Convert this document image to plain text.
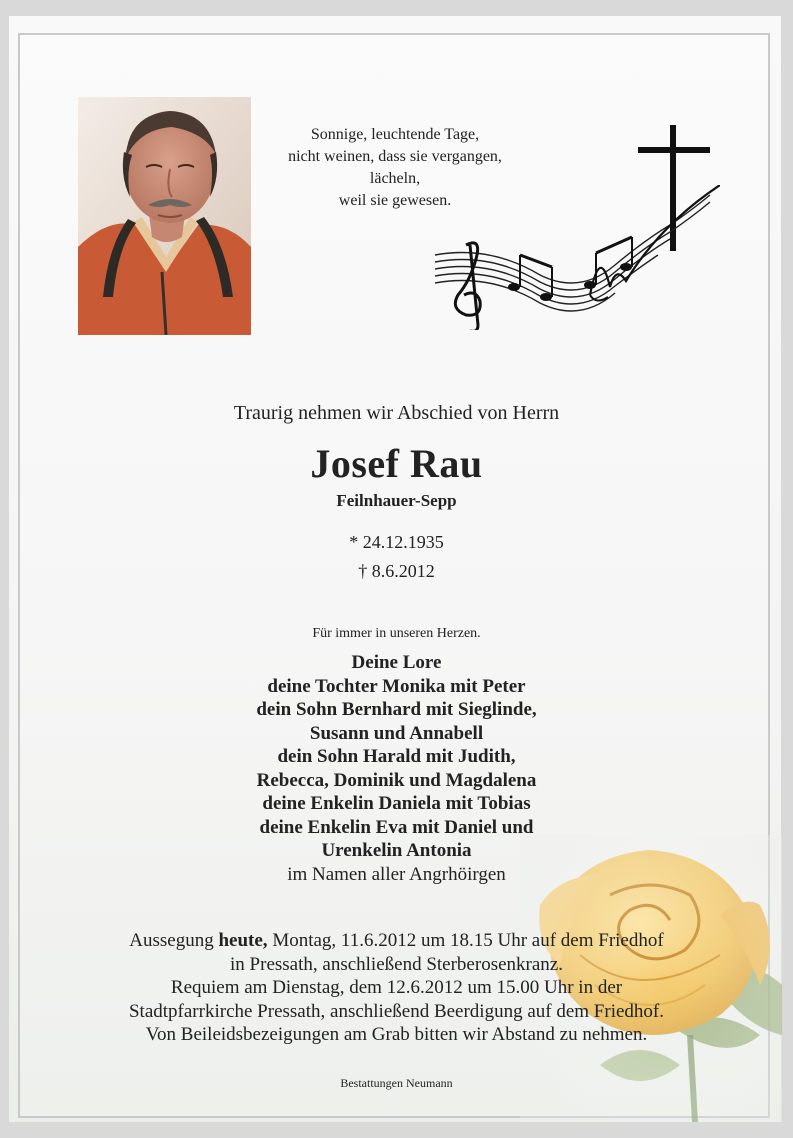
Sonnige, leuchtende Tage,
nicht weinen, dass sie vergangen,
lächeln,
weil sie gewesen.
Traurig nehmen wir Abschied von Herrn
Josef Rau
Feilnhauer-Sepp
* 24.12.1935
† 8.6.2012
Für immer in unseren Herzen.
Deine Lore
deine Tochter Monika mit Peter
dein Sohn Bernhard mit Sieglinde,
Susann und Annabell
dein Sohn Harald mit Judith,
Rebecca, Dominik und Magdalena
deine Enkelin Daniela mit Tobias
deine Enkelin Eva mit Daniel und
Urenkelin Antonia
im Namen aller Angrhöirgen
Aussegung heute, Montag, 11.6.2012 um 18.15 Uhr auf dem Friedhof
in Pressath, anschließend Sterberosenkranz.
Requiem am Dienstag, dem 12.6.2012 um 15.00 Uhr in der
Stadtpfarrkirche Pressath, anschließend Beerdigung auf dem Friedhof.
Von Beileidsbezeigungen am Grab bitten wir Abstand zu nehmen.
Bestattungen Neumann
